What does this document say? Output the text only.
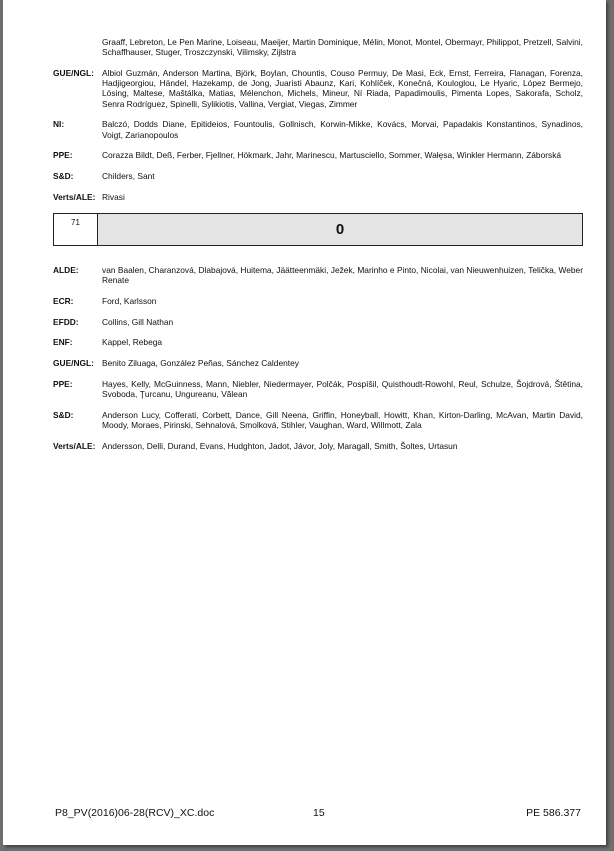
Graaff, Lebreton, Le Pen Marine, Loiseau, Maeijer, Martin Dominique, Mélin, Monot, Montel, Obermayr, Philippot, Pretzell, Salvini, Schaffhauser, Stuger, Troszczynski, Vilimsky, Zijlstra
GUE/NGL: Albiol Guzmán, Anderson Martina, Björk, Boylan, Chountis, Couso Permuy, De Masi, Eck, Ernst, Ferreira, Flanagan, Forenza, Hadjigeorgiou, Händel, Hazekamp, de Jong, Juaristi Abaunz, Kari, Kohlíček, Konečná, Kouloglou, Le Hyaric, López Bermejo, Lösing, Maltese, Maštálka, Matias, Mélenchon, Michels, Mineur, Ní Riada, Papadimoulis, Pimenta Lopes, Sakorafa, Scholz, Senra Rodríguez, Spinelli, Sylikiotis, Vallina, Vergiat, Viegas, Zimmer
NI:	Balczó, Dodds Diane, Epitideios, Fountoulis, Gollnisch, Korwin-Mikke, Kovács, Morvai, Papadakis Konstantinos, Synadinos, Voigt, Zarianopoulos
PPE:	Corazza Bildt, Deß, Ferber, Fjellner, Hökmark, Jahr, Marinescu, Martusciello, Sommer, Wałęsa, Winkler Hermann, Záborská
S&D:	Childers, Sant
Verts/ALE: Rivasi
71	0
ALDE:	van Baalen, Charanzová, Dlabajová, Huitema, Jäätteenmäki, Ježek, Marinho e Pinto, Nicolai, van Nieuwenhuizen, Telička, Weber Renate
ECR:	Ford, Karlsson
EFDD:	Collins, Gill Nathan
ENF:	Kappel, Rebega
GUE/NGL: Benito Ziluaga, González Peñas, Sánchez Caldentey
PPE:	Hayes, Kelly, McGuinness, Mann, Niebler, Niedermayer, Polčák, Pospíšil, Quisthoudt-Rowohl, Reul, Schulze, Šojdrová, Štětina, Svoboda, Ţurcanu, Ungureanu, Vălean
S&D:	Anderson Lucy, Cofferati, Corbett, Dance, Gill Neena, Griffin, Honeyball, Howitt, Khan, Kirton-Darling, McAvan, Martin David, Moody, Moraes, Pirinski, Sehnalová, Smolková, Stihler, Vaughan, Ward, Willmott, Zala
Verts/ALE: Andersson, Delli, Durand, Evans, Hudghton, Jadot, Jávor, Joly, Maragall, Smith, Šoltes, Urtasun
P8_PV(2016)06-28(RCV)_XC.doc	15	PE 586.377
